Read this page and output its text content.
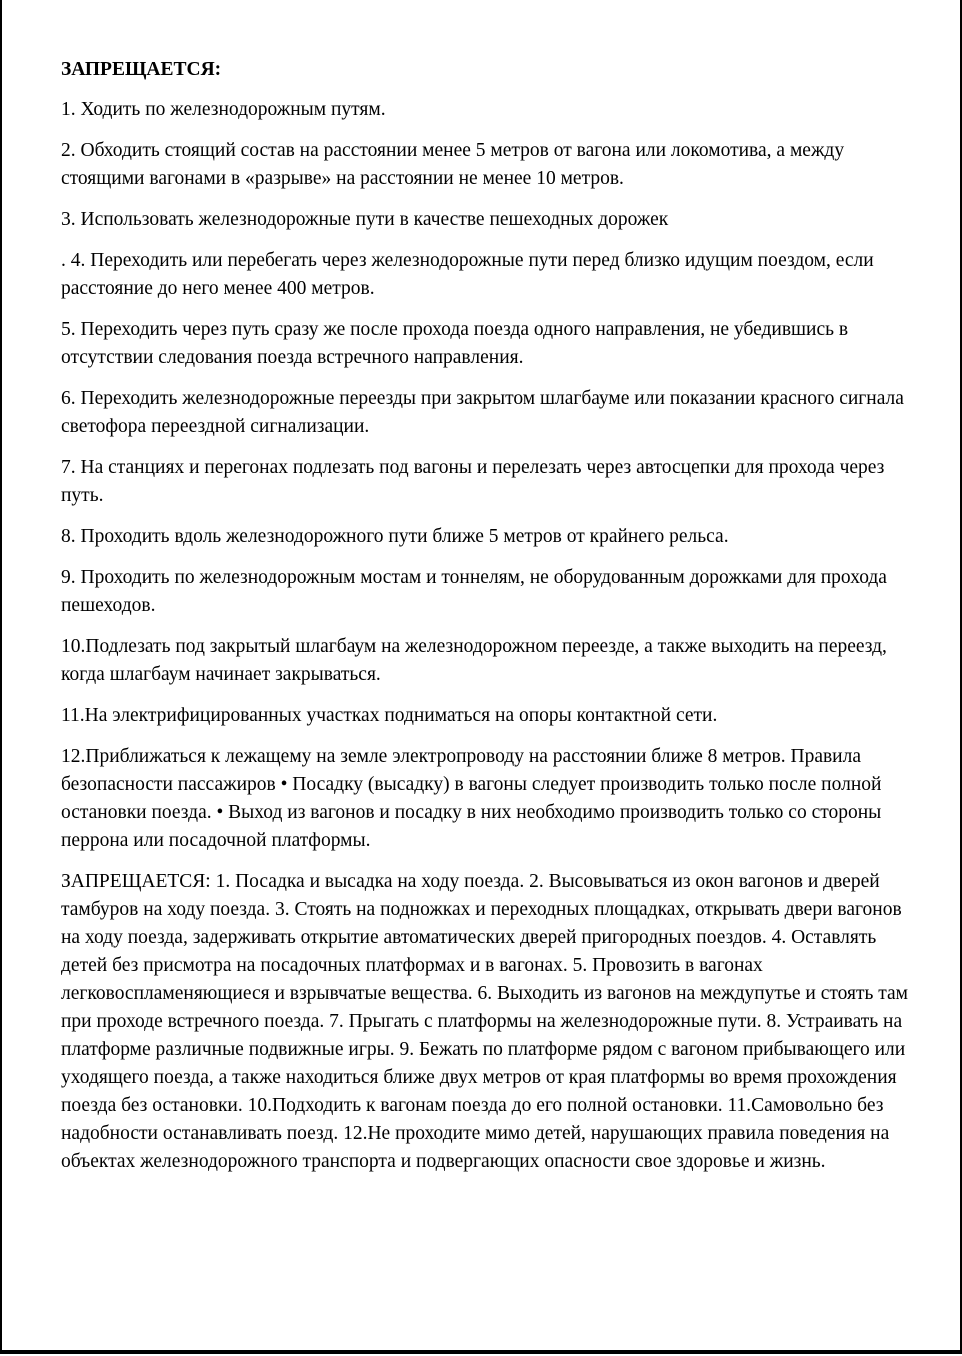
ЗАПРЕЩАЕТСЯ:
1. Ходить по железнодорожным путям.
2. Обходить стоящий состав на расстоянии менее 5 метров от вагона или локомотива, а между стоящими вагонами в «разрыве» на расстоянии не менее 10 метров.
3. Использовать железнодорожные пути в качестве пешеходных дорожек
. 4. Переходить или перебегать через железнодорожные пути перед близко идущим поездом, если расстояние до него менее 400 метров.
5. Переходить через путь сразу же после прохода поезда одного направления, не убедившись в отсутствии следования поезда встречного направления.
6. Переходить железнодорожные переезды при закрытом шлагбауме или показании красного сигнала светофора переездной сигнализации.
7. На станциях и перегонах подлезать под вагоны и перелезать через автосцепки для прохода через путь.
8. Проходить вдоль железнодорожного пути ближе 5 метров от крайнего рельса.
9. Проходить по железнодорожным мостам и тоннелям, не оборудованным дорожками для прохода пешеходов.
10.Подлезать под закрытый шлагбаум на железнодорожном переезде, а также выходить на переезд, когда шлагбаум начинает закрываться.
11.На электрифицированных участках подниматься на опоры контактной сети.
12.Приближаться к лежащему на земле электропроводу на расстоянии ближе 8 метров. Правила безопасности пассажиров • Посадку (высадку) в вагоны следует производить только после полной остановки поезда. • Выход из вагонов и посадку в них необходимо производить только со стороны перрона или посадочной платформы.
ЗАПРЕЩАЕТСЯ: 1. Посадка и высадка на ходу поезда. 2. Высовываться из окон вагонов и дверей тамбуров на ходу поезда. 3. Стоять на подножках и переходных площадках, открывать двери вагонов на ходу поезда, задерживать открытие автоматических дверей пригородных поездов. 4. Оставлять детей без присмотра на посадочных платформах и в вагонах. 5. Провозить в вагонах легковоспламеняющиеся и взрывчатые вещества. 6. Выходить из вагонов на междупутье и стоять там при проходе встречного поезда. 7. Прыгать с платформы на железнодорожные пути. 8. Устраивать на платформе различные подвижные игры. 9. Бежать по платформе рядом с вагоном прибывающего или уходящего поезда, а также находиться ближе двух метров от края платформы во время прохождения поезда без остановки. 10.Подходить к вагонам поезда до его полной остановки. 11.Самовольно без надобности останавливать поезд. 12.Не проходите мимо детей, нарушающих правила поведения на объектах железнодорожного транспорта и подвергающих опасности свое здоровье и жизнь.
